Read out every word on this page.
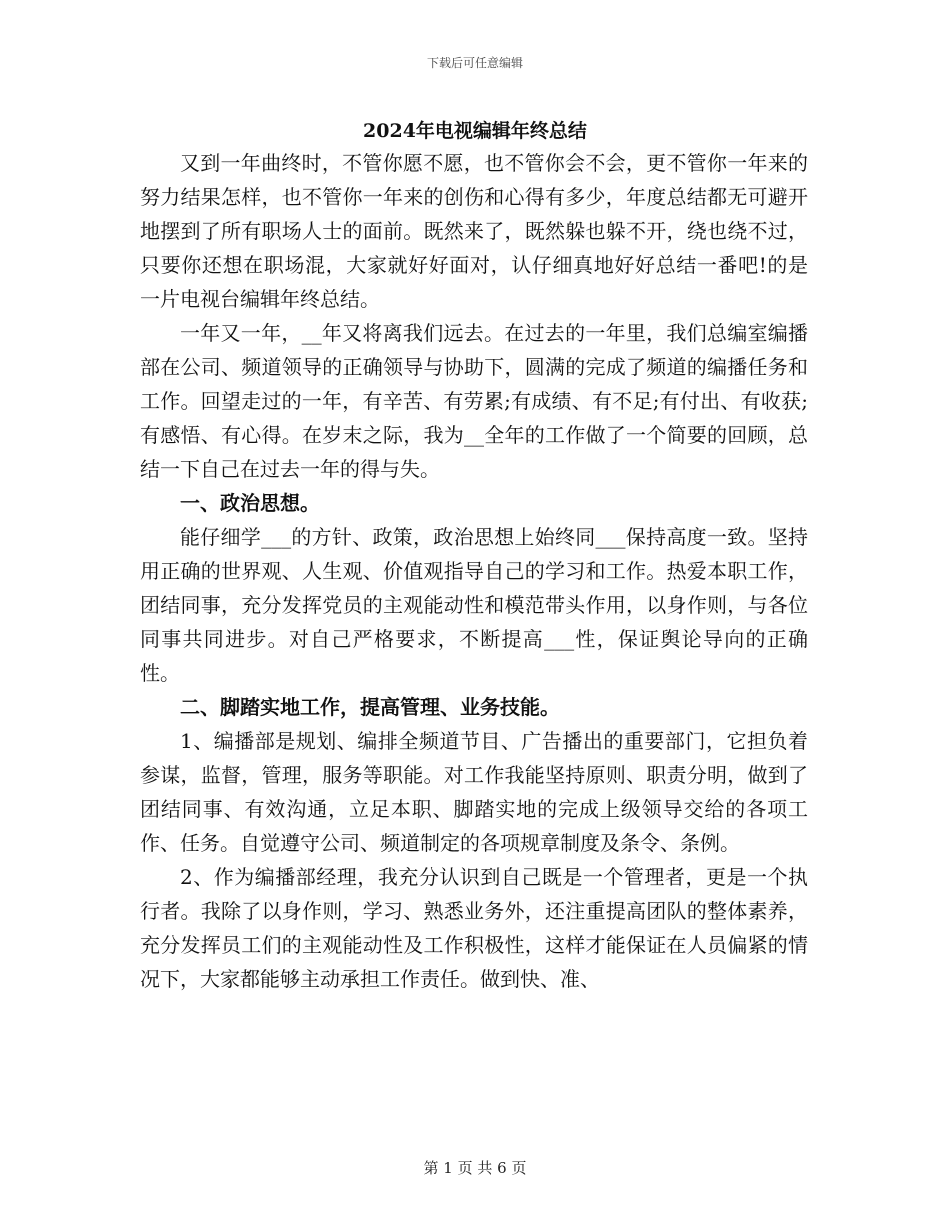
下载后可任意编辑
2024年电视编辑年终总结

又到一年曲终时，不管你愿不愿，也不管你会不会，更不管你一年来的努力结果怎样，也不管你一年来的创伤和心得有多少，年度总结都无可避开地摆到了所有职场人士的面前。既然来了，既然躲也躲不开，绕也绕不过，只要你还想在职场混，大家就好好面对，认仔细真地好好总结一番吧!的是一片电视台编辑年终总结。

一年又一年，__年又将离我们远去。在过去的一年里，我们总编室编播部在公司、频道领导的正确领导与协助下，圆满的完成了频道的编播任务和工作。回望走过的一年，有辛苦、有劳累;有成绩、有不足;有付出、有收获;有感悟、有心得。在岁末之际，我为__全年的工作做了一个简要的回顾，总结一下自己在过去一年的得与失。

一、政治思想。

能仔细学___的方针、政策，政治思想上始终同___保持高度一致。坚持用正确的世界观、人生观、价值观指导自己的学习和工作。热爱本职工作，团结同事，充分发挥党员的主观能动性和模范带头作用，以身作则，与各位同事共同进步。对自己严格要求，不断提高___性，保证舆论导向的正确性。

二、脚踏实地工作，提高管理、业务技能。

1、编播部是规划、编排全频道节目、广告播出的重要部门，它担负着参谋，监督，管理，服务等职能。对工作我能坚持原则、职责分明，做到了团结同事、有效沟通，立足本职、脚踏实地的完成上级领导交给的各项工作、任务。自觉遵守公司、频道制定的各项规章制度及条令、条例。

2、作为编播部经理，我充分认识到自己既是一个管理者，更是一个执行者。我除了以身作则，学习、熟悉业务外，还注重提高团队的整体素养，充分发挥员工们的主观能动性及工作积极性，这样才能保证在人员偏紧的情况下，大家都能够主动承担工作责任。做到快、准、

第 1 页 共 6 页
